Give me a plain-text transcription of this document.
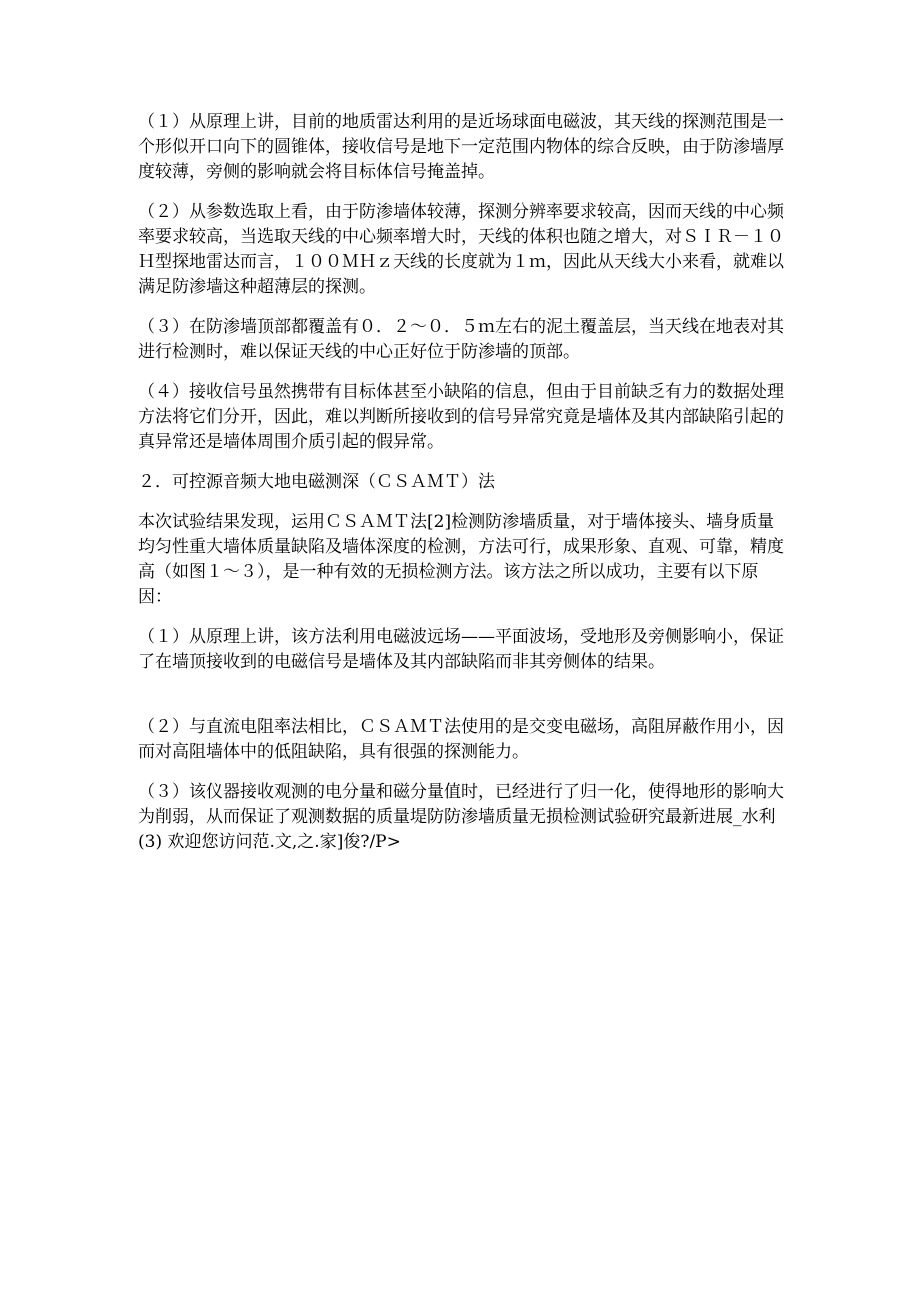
（１）从原理上讲，目前的地质雷达利用的是近场球面电磁波，其天线的探测范围是一个形似开口向下的圆锥体，接收信号是地下一定范围内物体的综合反映，由于防渗墙厚度较薄，旁侧的影响就会将目标体信号掩盖掉。

（２）从参数选取上看，由于防渗墙体较薄，探测分辨率要求较高，因而天线的中心频率要求较高，当选取天线的中心频率增大时，天线的体积也随之增大，对ＳＩＲ－１０Ｈ型探地雷达而言，１００ＭＨｚ天线的长度就为１ｍ，因此从天线大小来看，就难以满足防渗墙这种超薄层的探测。

（３）在防渗墙顶部都覆盖有０．２～０．５ｍ左右的泥土覆盖层，当天线在地表对其进行检测时，难以保证天线的中心正好位于防渗墙的顶部。

（４）接收信号虽然携带有目标体甚至小缺陷的信息，但由于目前缺乏有力的数据处理方法将它们分开，因此，难以判断所接收到的信号异常究竟是墙体及其内部缺陷引起的真异常还是墙体周围介质引起的假异常。

２．可控源音频大地电磁测深（ＣＳＡＭＴ）法

本次试验结果发现，运用ＣＳＡＭＴ法[2]检测防渗墙质量，对于墙体接头、墙身质量均匀性重大墙体质量缺陷及墙体深度的检测，方法可行，成果形象、直观、可靠，精度高（如图１～３），是一种有效的无损检测方法。该方法之所以成功，主要有以下原因：

（１）从原理上讲，该方法利用电磁波远场——平面波场，受地形及旁侧影响小，保证了在墙顶接收到的电磁信号是墙体及其内部缺陷而非其旁侧体的结果。

（２）与直流电阻率法相比，ＣＳＡＭＴ法使用的是交变电磁场，高阻屏蔽作用小，因而对高阻墙体中的低阻缺陷，具有很强的探测能力。

（３）该仪器接收观测的电分量和磁分量值时，已经进行了归一化，使得地形的影响大为削弱，从而保证了观测数据的质量堤防防渗墙质量无损检测试验研究最新进展_水利(3) 欢迎您访问范.文,之.家]俊?/P>
